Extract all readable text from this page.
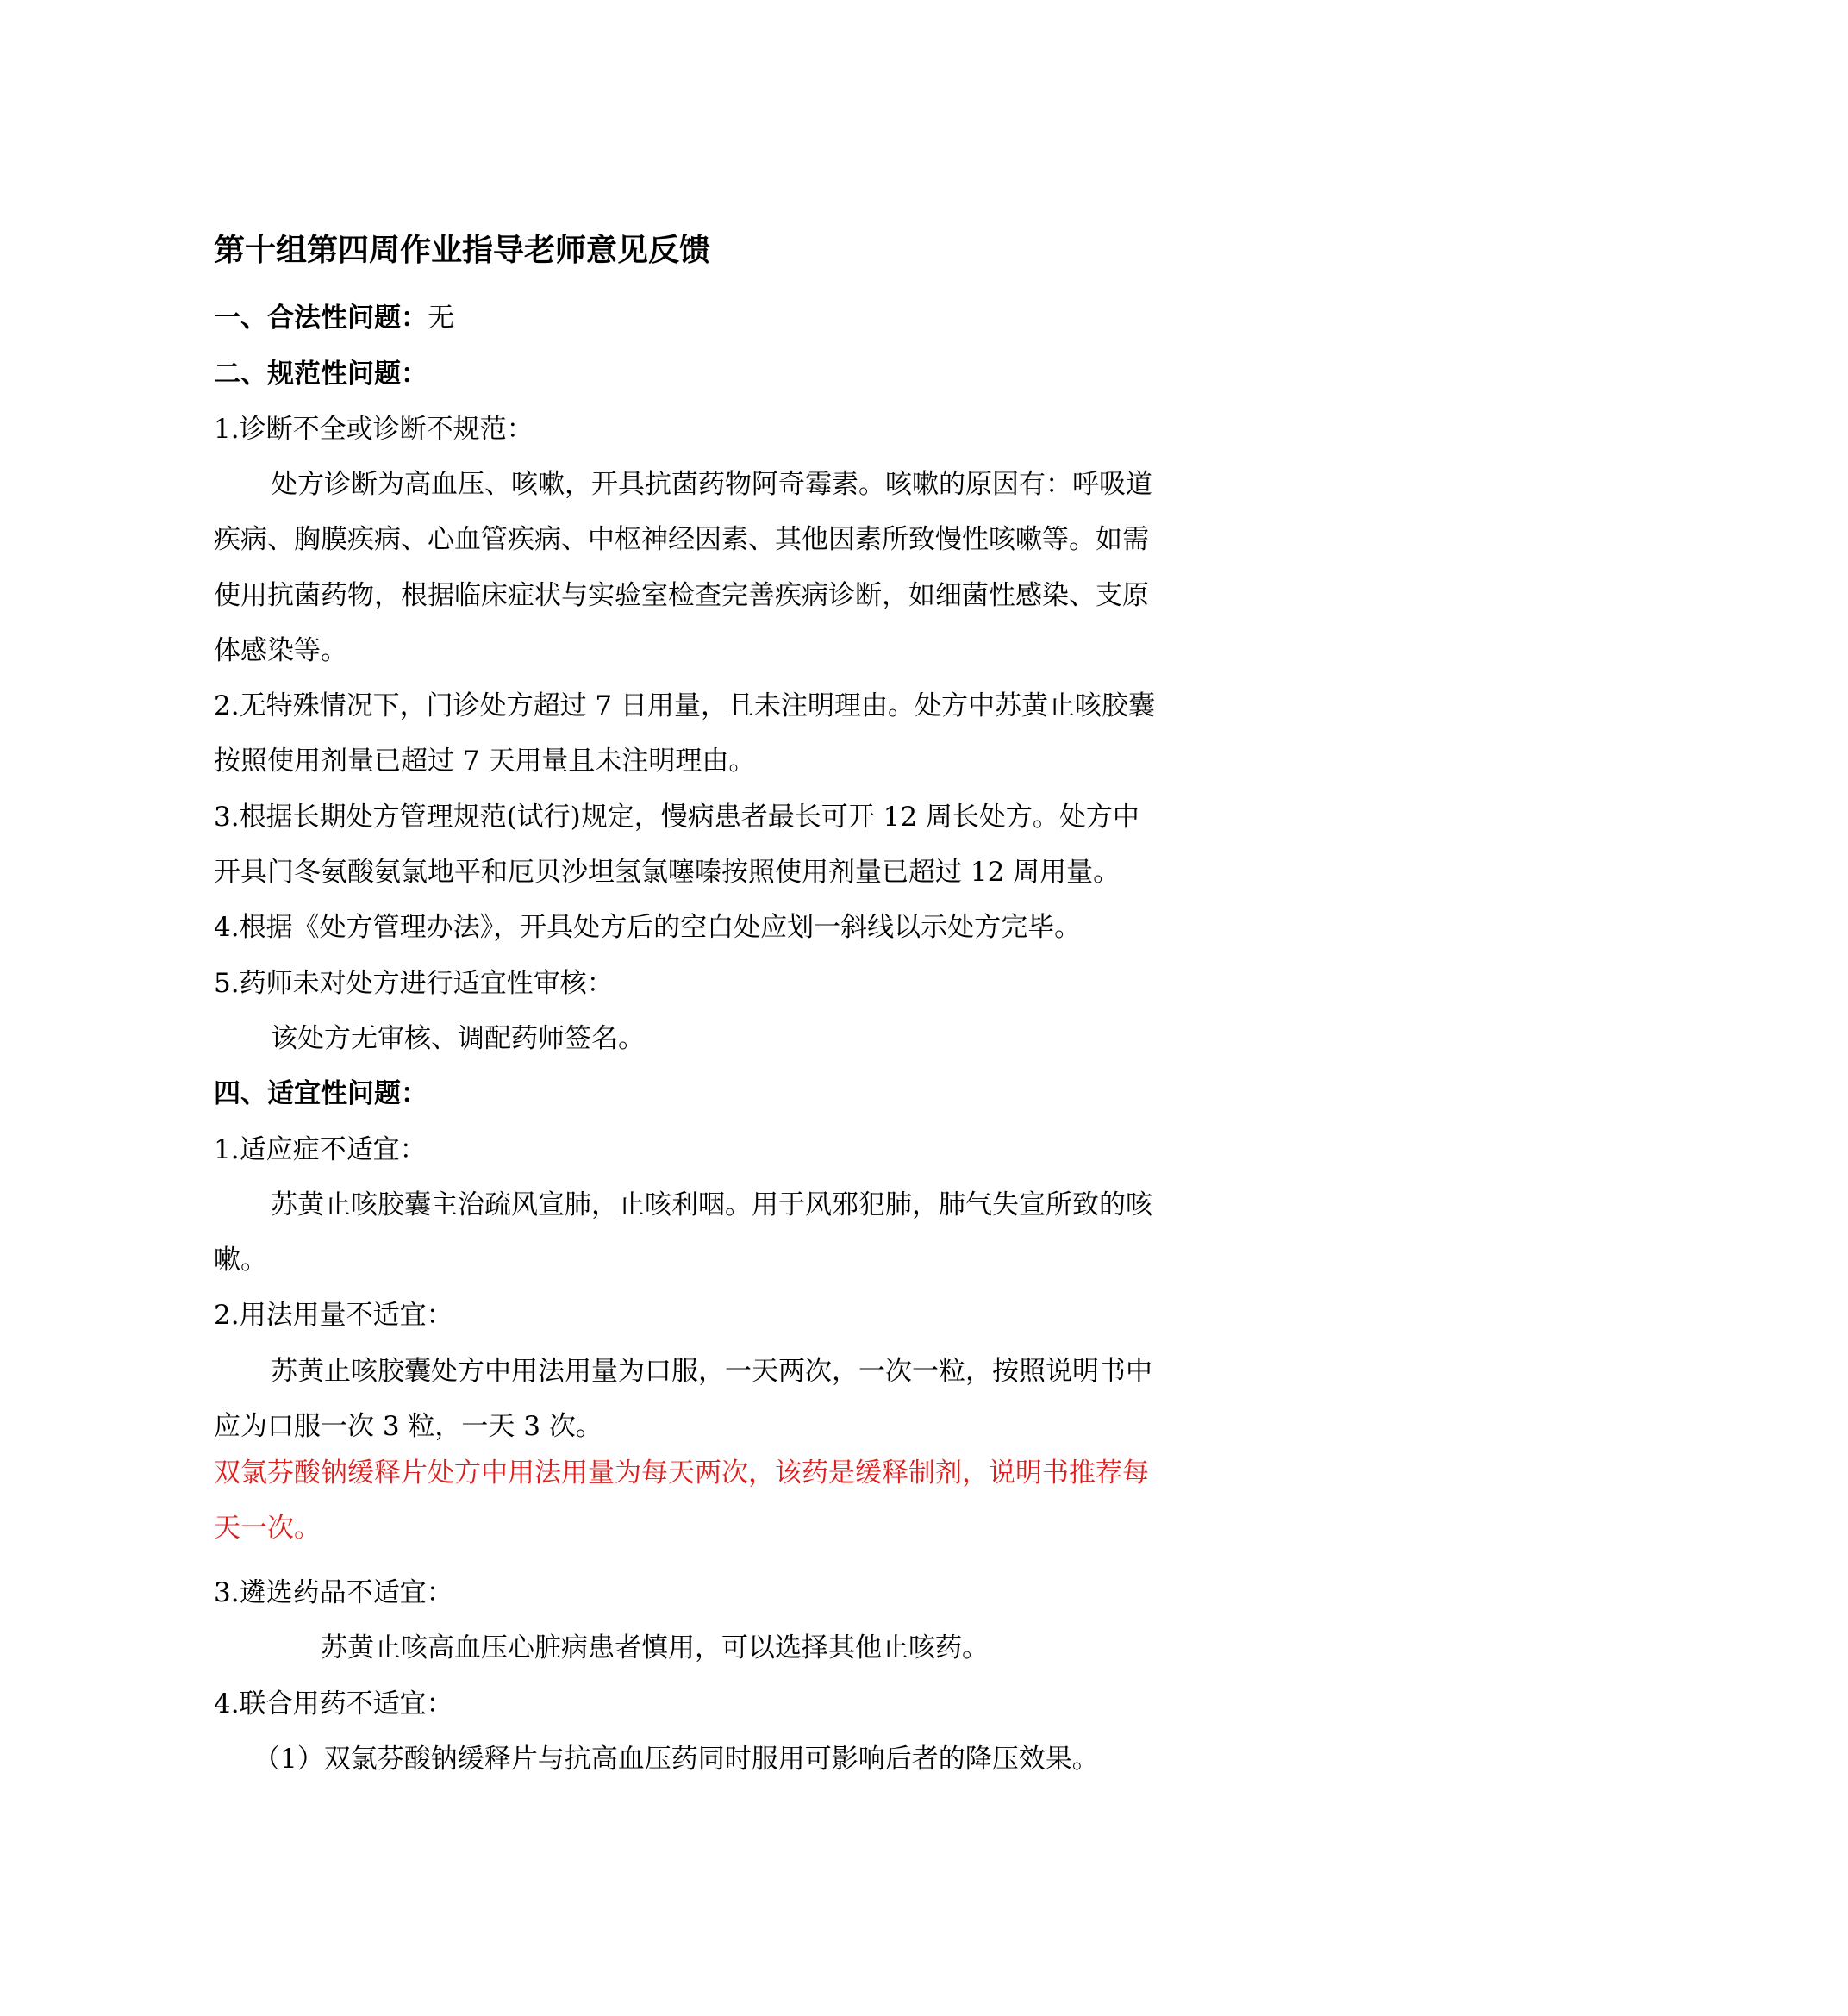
第十组第四周作业指导老师意见反馈
一、合法性问题：无
二、规范性问题：
1.诊断不全或诊断不规范：
处方诊断为高血压、咳嗽，开具抗菌药物阿奇霉素。咳嗽的原因有：呼吸道
疾病、胸膜疾病、心血管疾病、中枢神经因素、其他因素所致慢性咳嗽等。如需
使用抗菌药物，根据临床症状与实验室检查完善疾病诊断，如细菌性感染、支原
体感染等。
2.无特殊情况下，门诊处方超过 7 日用量，且未注明理由。处方中苏黄止咳胶囊
按照使用剂量已超过 7 天用量且未注明理由。
3.根据长期处方管理规范(试行)规定，慢病患者最长可开 12 周长处方。处方中
开具门冬氨酸氨氯地平和厄贝沙坦氢氯噻嗪按照使用剂量已超过 12 周用量。
4.根据《处方管理办法》，开具处方后的空白处应划一斜线以示处方完毕。
5.药师未对处方进行适宜性审核：
该处方无审核、调配药师签名。
四、适宜性问题：
1.适应症不适宜：
苏黄止咳胶囊主治疏风宣肺，止咳利咽。用于风邪犯肺，肺气失宣所致的咳
嗽。
2.用法用量不适宜：
苏黄止咳胶囊处方中用法用量为口服，一天两次，一次一粒，按照说明书中
应为口服一次 3 粒，一天 3 次。
双氯芬酸钠缓释片处方中用法用量为每天两次，该药是缓释制剂，说明书推荐每
天一次。
3.遴选药品不适宜：
苏黄止咳高血压心脏病患者慎用，可以选择其他止咳药。
4.联合用药不适宜：
（1）双氯芬酸钠缓释片与抗高血压药同时服用可影响后者的降压效果。
